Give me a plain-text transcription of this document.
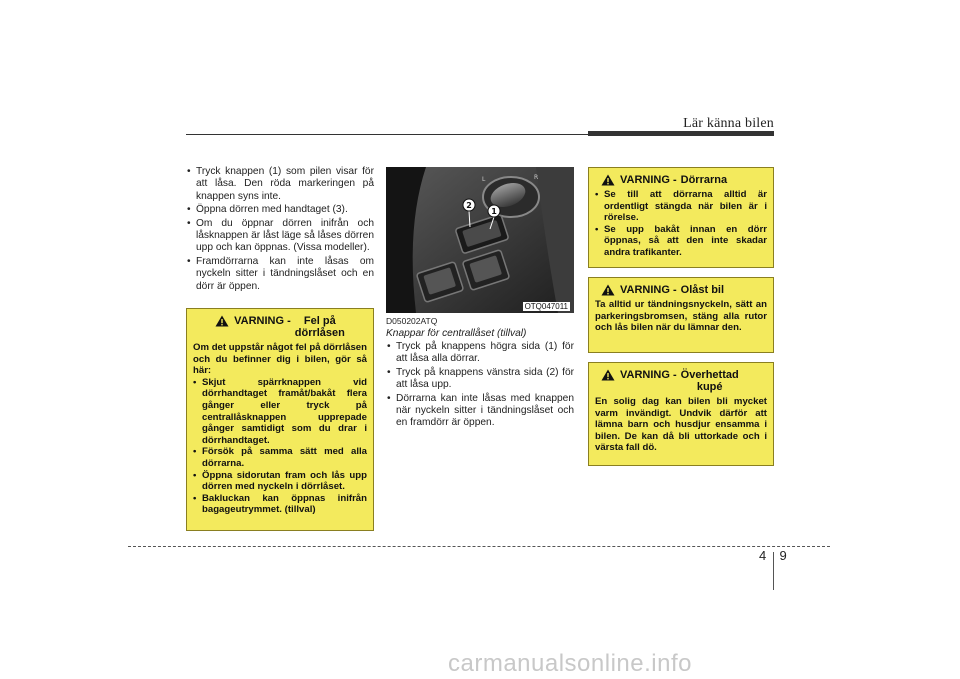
Lär känna bilen
• Tryck knappen (1) som pilen visar för att låsa. Den röda markeringen på knappen syns inte.
• Öppna dörren med handtaget (3).
• Om du öppnar dörren inifrån och låsknappen är låst läge så låses dörren upp och kan öppnas. (Vissa modeller).
• Framdörrarna kan inte låsas om nyckeln sitter i tändningslåset och en dörr är öppen.
VARNING -	Fel på
dörrlåsen

Om det uppstår något fel på dörrlåsen och du befinner dig i bilen, gör så här:

• Skjut spärrknappen vid dörrhandtaget framåt/bakåt flera gånger eller tryck på centrallåsknappen upprepade gånger samtidigt som du drar i dörrhandtaget.
• Försök på samma sätt med alla dörrarna.
• Öppna sidorutan fram och lås upp dörren med nyckeln i dörrlåset.
• Bakluckan kan öppnas inifrån bagageutrymmet. (tillval)
R
L
2
1
OTQ047011
D050202ATQ
Knappar för centrallåset (tillval)
• Tryck på knappens högra sida (1) för att låsa alla dörrar.
• Tryck på knappens vänstra sida (2) för att låsa upp.
• Dörrarna kan inte låsas med knappen när nyckeln sitter i tändningslåset och en framdörr är öppen.
VARNING - Dörrarna
• Se till att dörrarna alltid är ordentligt stängda när bilen är i rörelse.
• Se upp bakåt innan en dörr öppnas, så att den inte skadar andra trafikanter.
VARNING - Olåst bil

Ta alltid ur tändningsnyckeln, sätt an parkeringsbromsen, stäng alla rutor och lås bilen när du lämnar den.

VARNING - Överhettad
kupé

En solig dag kan bilen bli mycket varm invändigt. Undvik därför att lämna barn och husdjur ensamma i bilen. De kan då bli uttorkade och i värsta fall dö.

4 9
carmanualsonline.info
